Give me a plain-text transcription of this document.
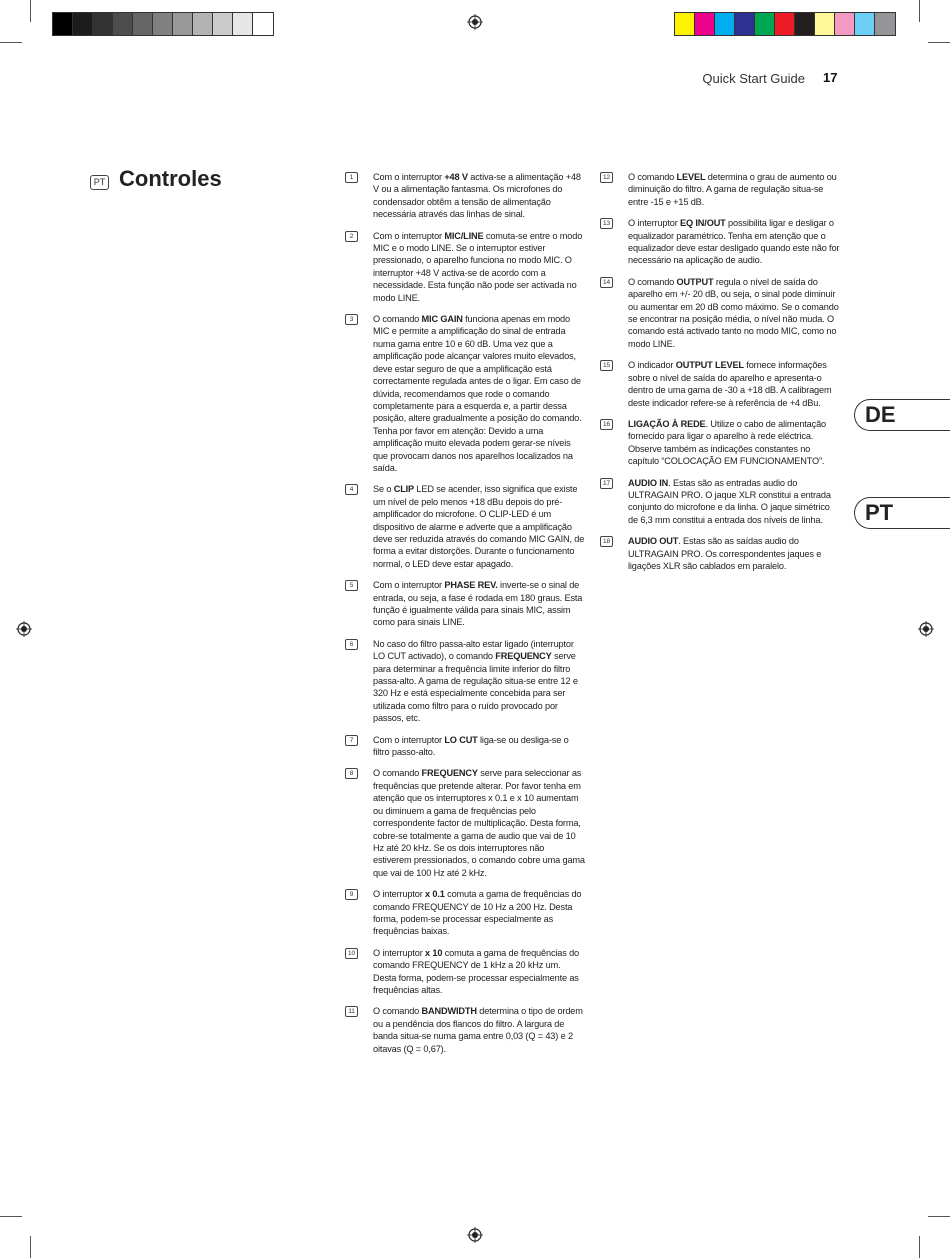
Quick Start Guide 17
PT Controles	1	Com o interruptor +48 V activa-se a alimentação +48 V ou a alimentação fantasma. Os microfones do condensador obtêm a tensão de alimentação necessária através das linhas de sinal.
2	Com o interruptor MIC/LINE comuta-se entre o modo MIC e o modo LINE. Se o interruptor estiver pressionado, o aparelho funciona no modo MIC. O interruptor +48 V activa-se de acordo com a necessidade. Esta função não pode ser activada no modo LINE.
3	O comando MIC GAIN funciona apenas em modo MIC e permite a amplificação do sinal de entrada numa gama entre 10 e 60 dB. Uma vez que a amplificação pode alcançar valores muito elevados, deve estar seguro de que a amplificação está correctamente regulada antes de o ligar. Em caso de dúvida, recomendamos que rode o comando completamente para a esquerda e, a partir dessa posição, altere gradualmente a posição do comando. Tenha por favor em atenção: Devido a uma amplificação muito elevada podem gerar-se níveis que provocam danos nos aparelhos localizados na saída.
4	Se o CLIP LED se acender, isso significa que existe um nível de pelo menos +18 dBu depois do pré-amplificador do microfone. O CLIP-LED é um dispositivo de alarme e adverte que a amplificação deve ser reduzida através do comando MIC GAIN, de forma a evitar distorções. Durante o funcionamento normal, o LED deve estar apagado.
5	Com o interruptor PHASE REV. inverte-se o sinal de entrada, ou seja, a fase é rodada em 180 graus. Esta função é igualmente válida para sinais MIC, assim como para sinais LINE.
6	No caso do filtro passa-alto estar ligado (interruptor LO CUT activado), o comando FREQUENCY serve para determinar a frequência limite inferior do filtro passa-alto. A gama de regulação situa-se entre 12 e 320 Hz e está especialmente concebida para ser utilizada como filtro para o ruído provocado por passos, etc.
7	Com o interruptor LO CUT liga-se ou desliga-se o filtro passo-alto.
8	O comando FREQUENCY serve para seleccionar as frequências que pretende alterar. Por favor tenha em atenção que os interruptores x 0.1 e x 10 aumentam ou diminuem a gama de frequências pelo correspondente factor de multiplicação. Desta forma, cobre-se totalmente a gama de audio que vai de 10 Hz até 20 kHz. Se os dois interruptores não estiverem pressionados, o comando cobre uma gama que vai de 100 Hz até 2 kHz.
9	O interruptor x 0.1 comuta a gama de frequências do comando FREQUENCY de 10 Hz a 200 Hz. Desta forma, podem-se processar especialmente as frequências baixas.
10	O interruptor x 10 comuta a gama de frequências do comando FREQUENCY de 1 kHz a 20 kHz um. Desta forma, podem-se processar especialmente as frequências altas.
11	O comando BANDWIDTH determina o tipo de ordem ou a pendência dos flancos do filtro. A largura de banda situa-se numa gama entre 0,03 (Q = 43) e 2 oitavas (Q = 0,67).
12	O comando LEVEL determina o grau de aumento ou diminuição do filtro. A gama de regulação situa-se entre -15 e +15 dB.
13	O interruptor EQ IN/OUT possibilita ligar e desligar o equalizador paramétrico. Tenha em atenção que o equalizador deve estar desligado quando este não for necessário na aplicação de audio.
14	O comando OUTPUT regula o nível de saída do aparelho em +/- 20 dB, ou seja, o sinal pode diminuir ou aumentar em 20 dB como máximo. Se o comando se encontrar na posição média, o nível não muda. O comando está activado tanto no modo MIC, como no modo LINE.
15	O indicador OUTPUT LEVEL fornece informações sobre o nível de saída do aparelho e apresenta-o dentro de uma gama de -30 a +18 dB. A calibragem deste indicador refere-se à referência de +4 dBu.
16	LIGAÇÃO À REDE. Utilize o cabo de alimentação fornecido para ligar o aparelho à rede eléctrica. Observe também as indicações constantes no capítulo “COLOCAÇÃO EM FUNCIONAMENTO”.
17	AUDIO IN. Estas são as entradas audio do ULTRAGAIN PRO. O jaque XLR constitui a entrada conjunto do microfone e da linha. O jaque simétrico de 6,3 mm constitui a entrada dos níveis de linha.
18	AUDIO OUT. Estas são as saídas audio do ULTRAGAIN PRO. Os correspondentes jaques e ligações XLR são cablados em paralelo.
DE
PT
